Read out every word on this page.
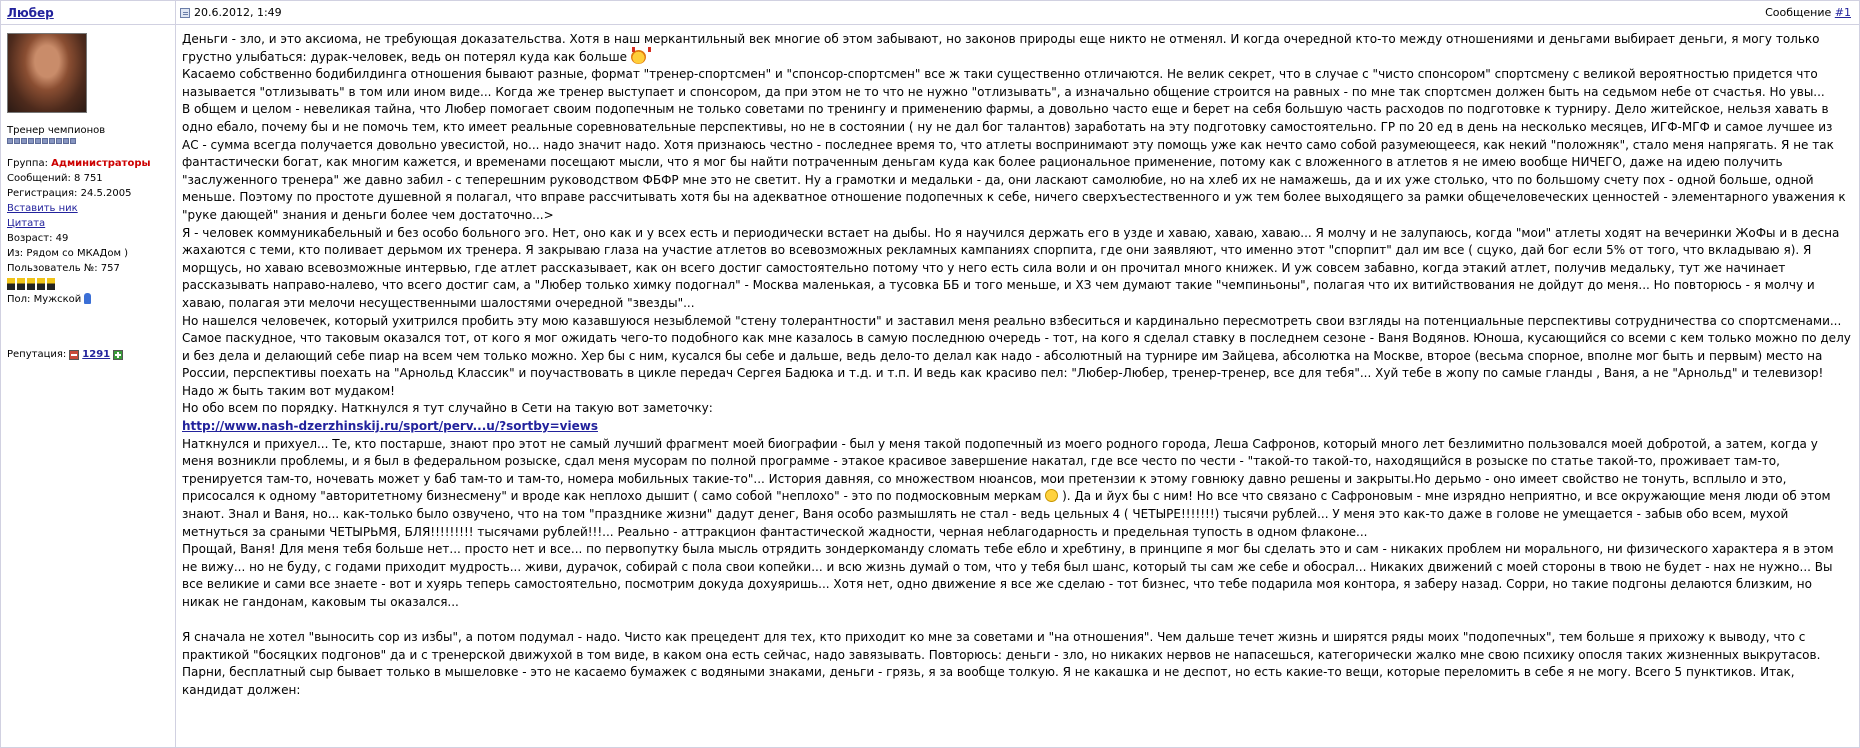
Любер	20.6.2012, 1:49	Сообщение #1
Тренер чемпионов
Группа: Администраторы
Сообщений: 8 751
Регистрация: 24.5.2005
Вставить ник
Цитата
Возраст: 49
Из: Рядом со МКАДом )
Пользователь №: 757
Пол: Мужской
Репутация: 1291

Деньги - зло, и это аксиома, не требующая доказательства. Хотя в наш меркантильный век многие об этом забывают, но законов природы еще никто не отменял. И когда очередной кто-то между отношениями и деньгами выбирает деньги, я могу только грустно улыбаться: дурак-человек, ведь он потерял куда как больше

Касаемо собственно бодибилдинга отношения бывают разные, формат "тренер-спортсмен" и "спонсор-спортсмен" все ж таки существенно отличаются. Не велик секрет, что в случае с "чисто спонсором" спортсмену с великой вероятностью придется что называется "отлизывать" в том или ином виде... Когда же тренер выступает и спонсором, да при этом не то что не нужно "отлизывать", а изначально общение строится на равных - по мне так спортсмен должен быть на седьмом небе от счастья. Но увы...

В общем и целом - невеликая тайна, что Любер помогает своим подопечным не только советами по тренингу и применению фармы, а довольно часто еще и берет на себя большую часть расходов по подготовке к турниру. Дело житейское, нельзя хавать в одно ебало, почему бы и не помочь тем, кто имеет реальные соревновательные перспективы, но не в состоянии ( ну не дал бог талантов) заработать на эту подготовку самостоятельно. ГР по 20 ед в день на несколько месяцев, ИГФ-МГФ и самое лучшее из АС - сумма всегда получается довольно увесистой, но... надо значит надо. Хотя признаюсь честно - последнее время то, что атлеты воспринимают эту помощь уже как нечто само собой разумеющееся, как некий "положняк", стало меня напрягать. Я не так фантастически богат, как многим кажется, и временами посещают мысли, что я мог бы найти потраченным деньгам куда как более рациональное применение, потому как с вложенного в атлетов я не имею вообще НИЧЕГО, даже на идею получить "заслуженного тренера" же давно забил - с теперешним руководством ФБФР мне это не светит. Ну а грамотки и медальки - да, они ласкают самолюбие, но на хлеб их не намажешь, да и их уже столько, что по большому счету пох - одной больше, одной меньше. Поэтому по простоте душевной я полагал, что вправе рассчитывать хотя бы на адекватное отношение подопечных к себе, ничего сверхъестественного и уж тем более выходящего за рамки общечеловеческих ценностей - элементарного уважения к "руке дающей" знания и деньги более чем достаточно...>

Я - человек коммуникабельный и без особо больного эго. Нет, оно как и у всех есть и периодически встает на дыбы. Но я научился держать его в узде и хаваю, хаваю, хаваю... Я молчу и не залупаюсь, когда "мои" атлеты ходят на вечеринки ЖоФы и в десна жахаются с теми, кто поливает дерьмом их тренера. Я закрываю глаза на участие атлетов во всевозможных рекламных кампаниях спорпита, где они заявляют, что именно этот "спорпит" дал им все ( сцуко, дай бог если 5% от того, что вкладываю я). Я морщусь, но хаваю всевозможные интервью, где атлет рассказывает, как он всего достиг самостоятельно потому что у него есть сила воли и он прочитал много книжек. И уж совсем забавно, когда этакий атлет, получив медальку, тут же начинает рассказывать направо-налево, что всего достиг сам, а "Любер только химку подогнал" - Москва маленькая, а тусовка ББ и того меньше, и ХЗ чем думают такие "чемпиньоны", полагая что их витийствования не дойдут до меня... Но повторюсь - я молчу и хаваю, полагая эти мелочи несущественными шалостями очередной "звезды"...

Но нашелся человечек, который ухитрился пробить эту мою казавшуюся незыблемой "стену толерантности" и заставил меня реально взбеситься и кардинально пересмотреть свои взгляды на потенциальные перспективы сотрудничества со спортсменами... Самое паскудное, что таковым оказался тот, от кого я мог ожидать чего-то подобного как мне казалось в самую последнюю очередь - тот, на кого я сделал ставку в последнем сезоне - Ваня Водянов. Юноша, кусающийся со всеми с кем только можно по делу и без дела и делающий себе пиар на всем чем только можно. Хер бы с ним, кусался бы себе и дальше, ведь дело-то делал как надо - абсолютный на турнире им Зайцева, абсолютка на Москве, второе (весьма спорное, вполне мог быть и первым) место на России, перспективы поехать на "Арнольд Классик" и поучаствовать в цикле передач Сергея Бадюка и т.д. и т.п. И ведь как красиво пел: "Любер-Любер, тренер-тренер, все для тебя"... Хуй тебе в жопу по самые гланды , Ваня, а не "Арнольд" и телевизор! Надо ж быть таким вот мудаком!

Но обо всем по порядку. Наткнулся я тут случайно в Сети на такую вот заметочку:

http://www.nash-dzerzhinskij.ru/sport/perv...u/?sortby=views

Наткнулся и прихуел... Те, кто постарше, знают про этот не самый лучший фрагмент моей биографии - был у меня такой подопечный из моего родного города, Леша Сафронов, который много лет безлимитно пользовался моей добротой, а затем, когда у меня возникли проблемы, и я был в федеральном розыске, сдал меня мусорам по полной программе - этакое красивое завершение накатал, где все често по чести - "такой-то такой-то, находящийся в розыске по статье такой-то, проживает там-то, тренируется там-то, ночевать может у баб там-то и там-то, номера мобильных такие-то"... История давняя, со множеством нюансов, мои претензии к этому говнюку давно решены и закрыты.Но дерьмо - оно имеет свойство не тонуть, всплыло и это, присосался к одному "авторитетному бизнесмену" и вроде как неплохо дышит ( само собой "неплохо" - это по подмосковным меркам ). Да и йух бы с ним! Но все что связано с Сафроновым - мне изрядно неприятно, и все окружающие меня люди об этом знают. Знал и Ваня, но... как-только было озвучено, что на том "празднике жизни" дадут денег, Ваня особо размышлять не стал - ведь цельных 4 ( ЧЕТЫРЕ!!!!!!!) тысячи рублей... У меня это как-то даже в голове не умещается - забыв обо всем, мухой метнуться за сраными ЧЕТЫРЬМЯ, БЛЯ!!!!!!!!! тысячами рублей!!!... Реально - аттракцион фантастической жадности, черная неблагодарность и предельная тупость в одном флаконе...

Прощай, Ваня! Для меня тебя больше нет... просто нет и все... по первопутку была мысль отрядить зондеркоманду сломать тебе ебло и хребтину, в принципе я мог бы сделать это и сам - никаких проблем ни морального, ни физического характера я в этом не вижу... но не буду, с годами приходит мудрость... живи, дурачок, собирай с пола свои копейки... и всю жизнь думай о том, что у тебя был шанс, который ты сам же себе и обосрал... Никаких движений с моей стороны в твою не будет - нах не нужно... Вы все великие и сами все знаете - вот и хуярь теперь самостоятельно, посмотрим докуда дохуяришь... Хотя нет, одно движение я все же сделаю - тот бизнес, что тебе подарила моя контора, я заберу назад. Сорри, но такие подгоны делаются близким, но никак не гандонам, каковым ты оказался...

Я сначала не хотел "выносить сор из избы", а потом подумал - надо. Чисто как прецедент для тех, кто приходит ко мне за советами и "на отношения". Чем дальше течет жизнь и ширятся ряды моих "подопечных", тем больше я прихожу к выводу, что с практикой "босяцких подгонов" да и с тренерской движухой в том виде, в каком она есть сейчас, надо завязывать. Повторюсь: деньги - зло, но никаких нервов не напасешься, категорически жалко мне свою психику опосля таких жизненных выкрутасов. Парни, бесплатный сыр бывает только в мышеловке - это не касаемо бумажек с водяными знаками, деньги - грязь, я за вообще толкую. Я не какашка и не деспот, но есть какие-то вещи, которые переломить в себе я не могу. Всего 5 пунктиков. Итак, кандидат должен:
